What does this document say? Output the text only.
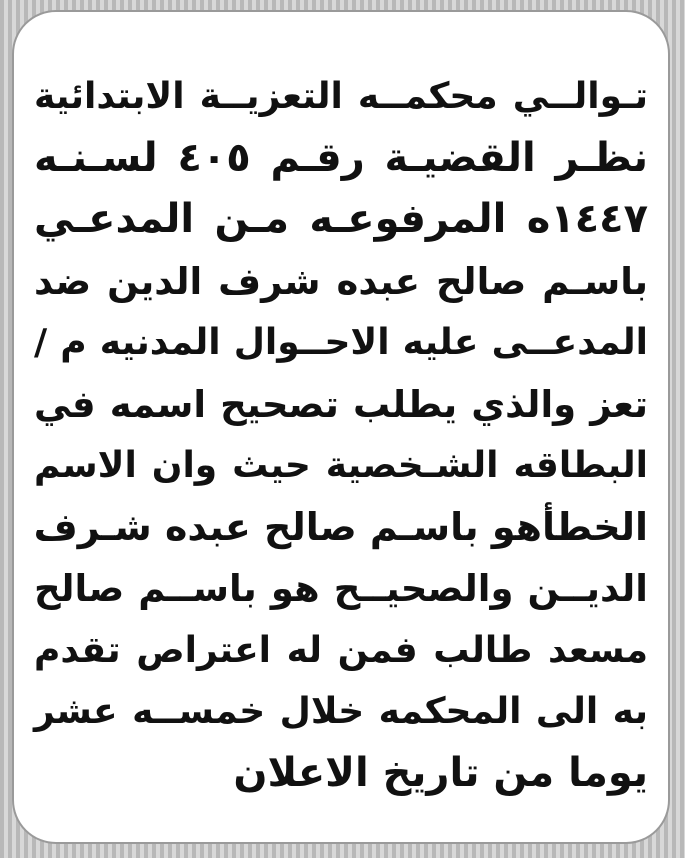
تـوالــي محكمــه التعزيــة الابتدائية
نظـر القضيـة رقـم ٤٠٥ لسـنـه
١٤٤٧ه المرفوعـه مـن المدعـي
باسـم صالح عبده شرف الدين ضد
المدعــى عليه الاحــوال المدنيه م /
تعز والذي يطلب تصحيح اسمه في
البطاقه الشـخصية حيث وان الاسم
الخطأهو باسـم صالح عبده شـرف
الديــن والصحيــح هو باســم صالح
مسعد طالب فمن له اعتراص تقدم
به الى المحكمه خلال خمســه عشر
يوما من تاريخ الاعلان
